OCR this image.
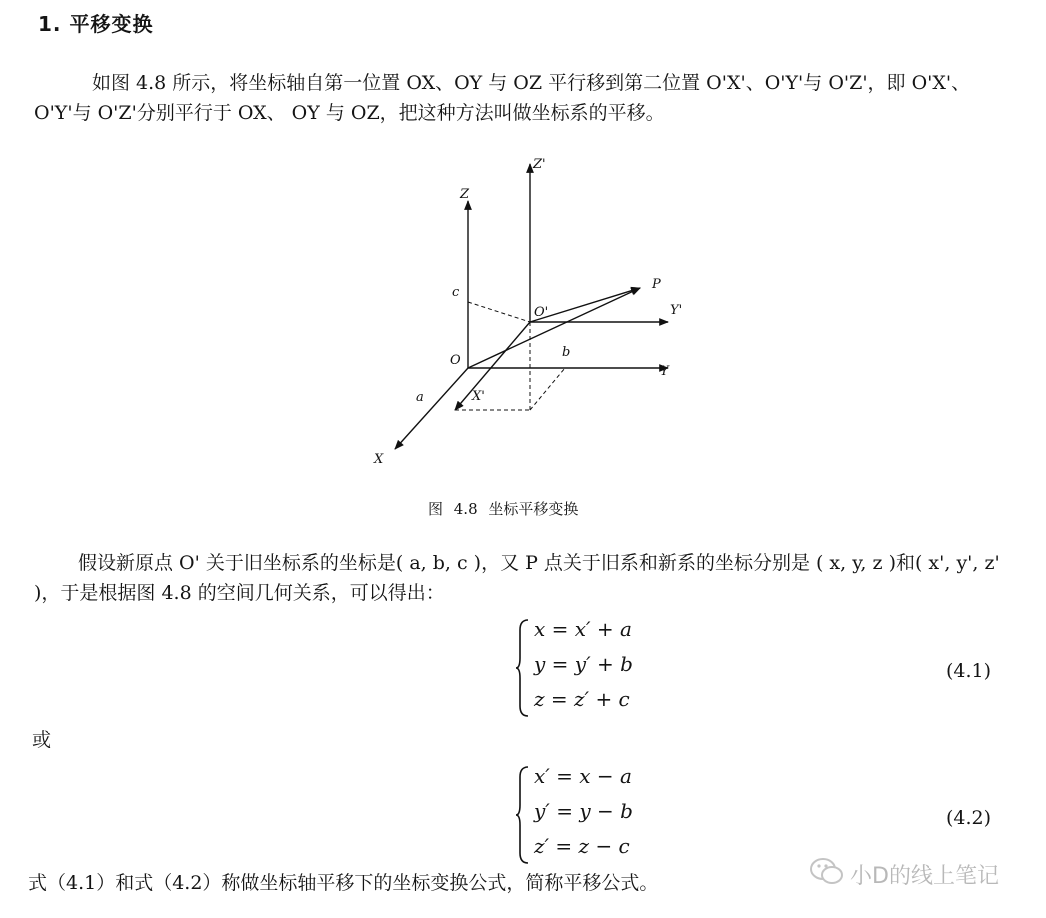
1. 平移变换

如图 4.8 所示，将坐标轴自第一位置 OX、OY 与 OZ 平行移到第二位置 O'X'、O'Y'与 O'Z'，即 O'X'、 O'Y'与 O'Z'分别平行于 OX、 OY 与 OZ，把这种方法叫做坐标系的平移。

Z
Z'
c
O'
P
Y'
O
b
Y
a	X'
X

图 4.8 坐标平移变换

假设新原点 O' 关于旧坐标系的坐标是( a, b, c )，又 P 点关于旧系和新系的坐标分别是 ( x, y, z )和( x', y', z' )，于是根据图 4.8 的空间几何关系，可以得出：

x = x′ + a
y = y′ + b
z = z′ + c
(4.1)

或

x′ = x − a
y′ = y − b
z′ = z − c
(4.2)

式（4.1）和式（4.2）称做坐标轴平移下的坐标变换公式，简称平移公式。	小D的线上笔记
